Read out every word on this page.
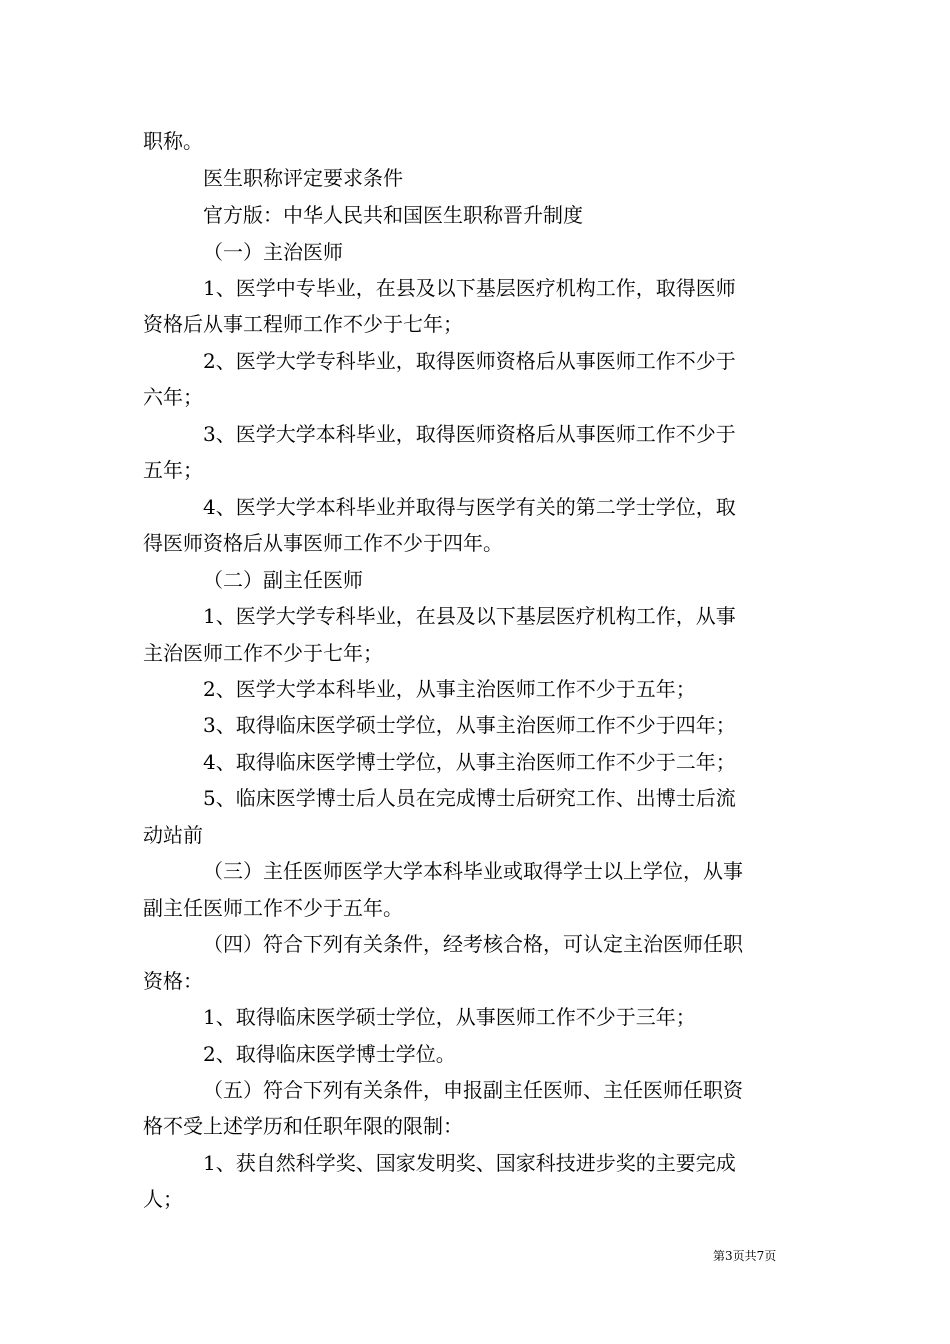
职称。
医生职称评定要求条件
官方版：中华人民共和国医生职称晋升制度
（一）主治医师
1、医学中专毕业，在县及以下基层医疗机构工作，取得医师
资格后从事工程师工作不少于七年；
2、医学大学专科毕业，取得医师资格后从事医师工作不少于
六年；
3、医学大学本科毕业，取得医师资格后从事医师工作不少于
五年；
4、医学大学本科毕业并取得与医学有关的第二学士学位，取
得医师资格后从事医师工作不少于四年。
（二）副主任医师
1、医学大学专科毕业，在县及以下基层医疗机构工作，从事
主治医师工作不少于七年；
2、医学大学本科毕业，从事主治医师工作不少于五年；
3、取得临床医学硕士学位，从事主治医师工作不少于四年；
4、取得临床医学博士学位，从事主治医师工作不少于二年；
5、临床医学博士后人员在完成博士后研究工作、出博士后流
动站前
（三）主任医师医学大学本科毕业或取得学士以上学位，从事
副主任医师工作不少于五年。
（四）符合下列有关条件，经考核合格，可认定主治医师任职
资格：
1、取得临床医学硕士学位，从事医师工作不少于三年；
2、取得临床医学博士学位。
（五）符合下列有关条件，申报副主任医师、主任医师任职资
格不受上述学历和任职年限的限制：
1、获自然科学奖、国家发明奖、国家科技进步奖的主要完成
人；
第3页共7页
